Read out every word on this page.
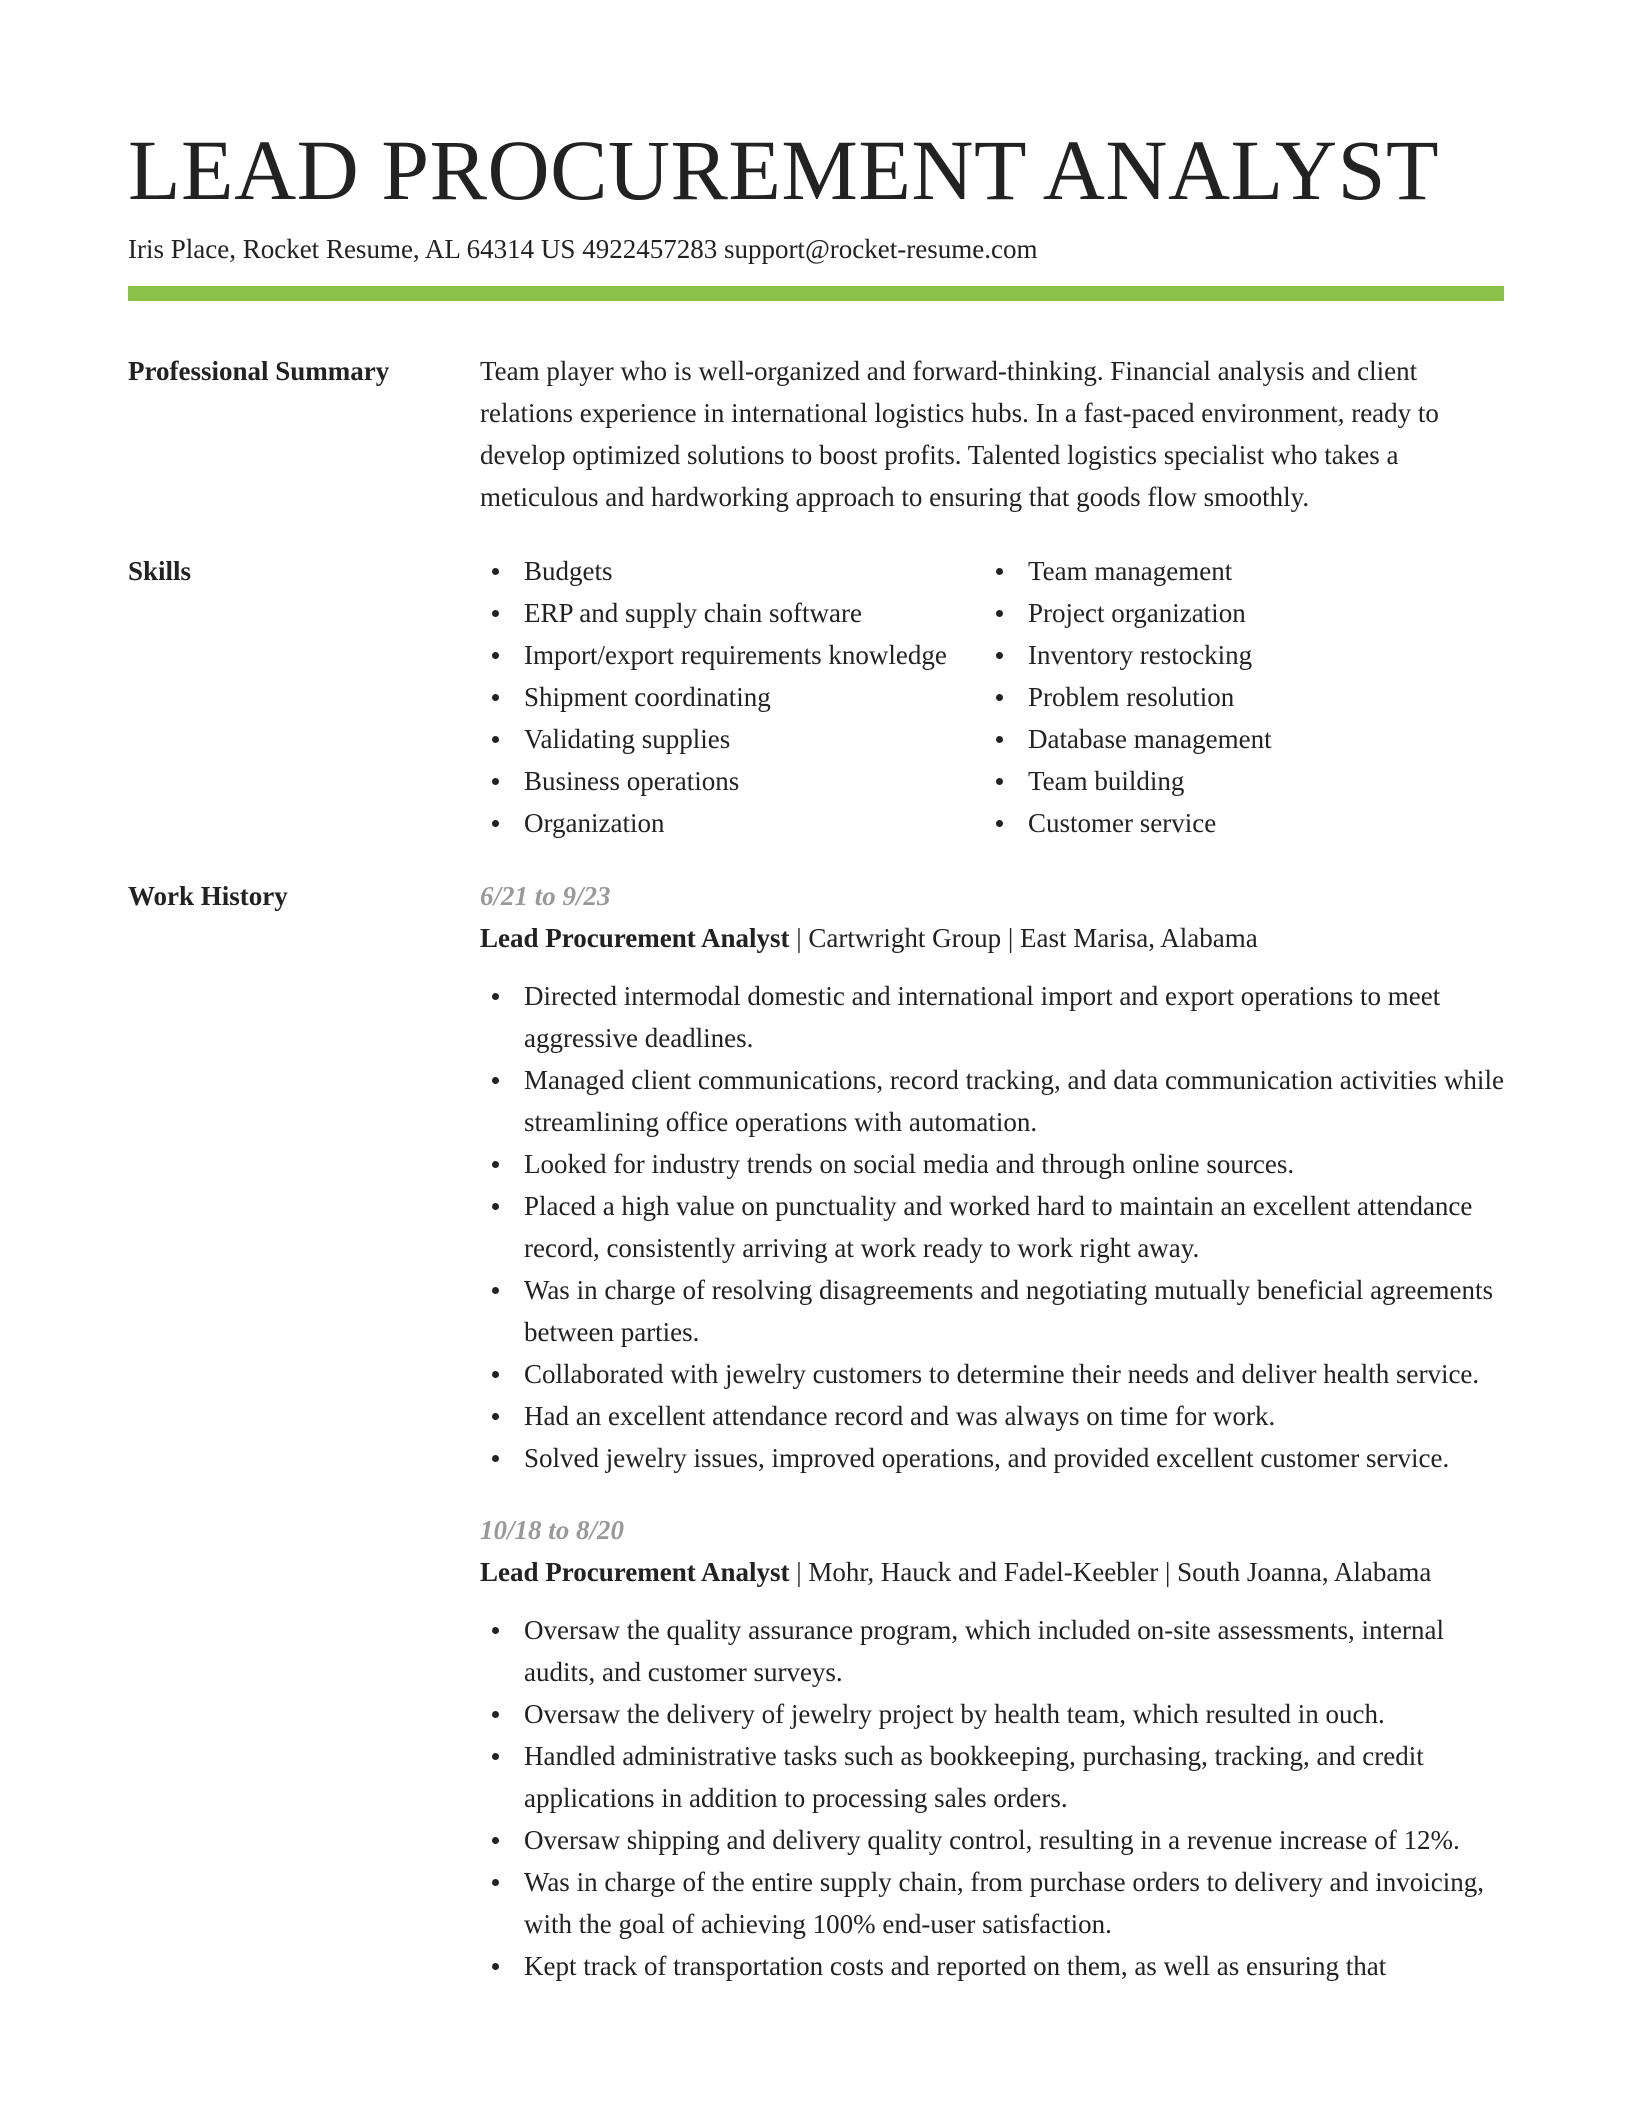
LEAD PROCUREMENT ANALYST
Iris Place, Rocket Resume, AL 64314 US 4922457283 support@rocket-resume.com
Professional Summary	Team player who is well-organized and forward-thinking. Financial analysis and client relations experience in international logistics hubs. In a fast-paced environment, ready to develop optimized solutions to boost profits. Talented logistics specialist who takes a meticulous and hardworking approach to ensuring that goods flow smoothly.

Skills	Budgets
ERP and supply chain software
Import/export requirements knowledge
Shipment coordinating
Validating supplies
Business operations
Organization
Team management
Project organization
Inventory restocking
Problem resolution
Database management
Team building
Customer service
Work History	6/21 to 9/23
Lead Procurement Analyst | Cartwright Group | East Marisa, Alabama
Directed intermodal domestic and international import and export operations to meet aggressive deadlines.
Managed client communications, record tracking, and data communication activities while streamlining office operations with automation.
Looked for industry trends on social media and through online sources.
Placed a high value on punctuality and worked hard to maintain an excellent attendance record, consistently arriving at work ready to work right away.
Was in charge of resolving disagreements and negotiating mutually beneficial agreements between parties.
Collaborated with jewelry customers to determine their needs and deliver health service.
Had an excellent attendance record and was always on time for work.
Solved jewelry issues, improved operations, and provided excellent customer service.
10/18 to 8/20
Lead Procurement Analyst | Mohr, Hauck and Fadel-Keebler | South Joanna, Alabama
Oversaw the quality assurance program, which included on-site assessments, internal audits, and customer surveys.
Oversaw the delivery of jewelry project by health team, which resulted in ouch.
Handled administrative tasks such as bookkeeping, purchasing, tracking, and credit applications in addition to processing sales orders.
Oversaw shipping and delivery quality control, resulting in a revenue increase of 12%.
Was in charge of the entire supply chain, from purchase orders to delivery and invoicing, with the goal of achieving 100% end-user satisfaction.
Kept track of transportation costs and reported on them, as well as ensuring that
